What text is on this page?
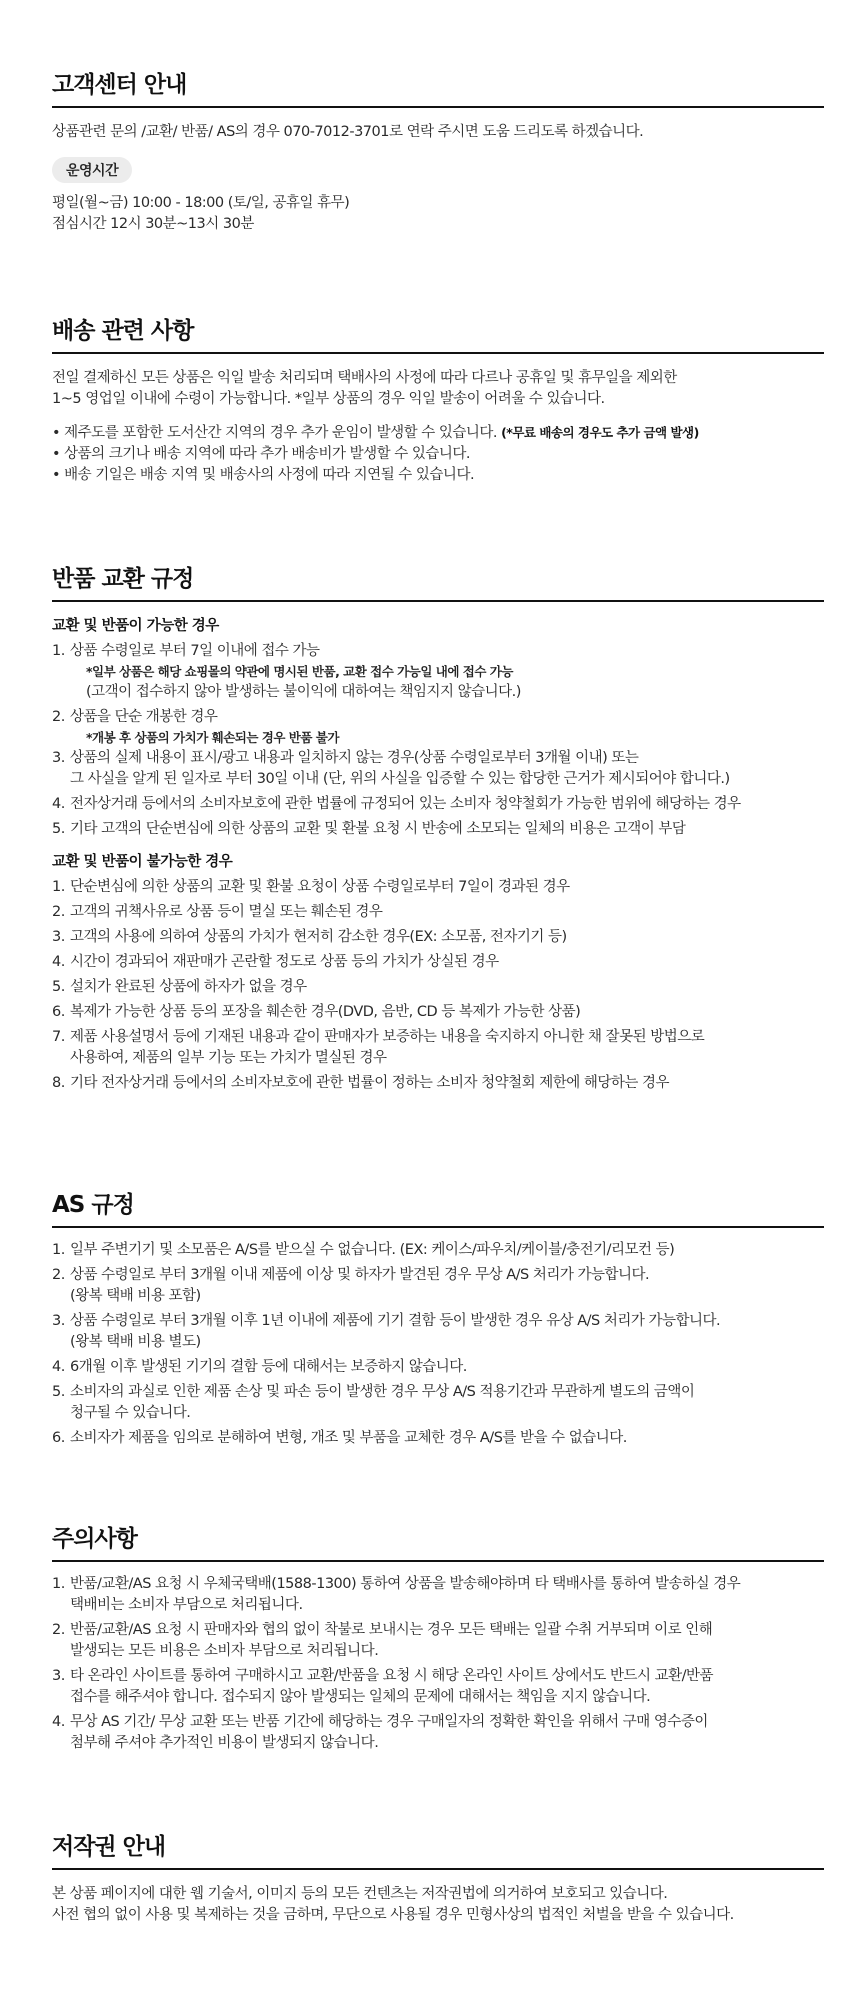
고객센터 안내

상품관련 문의 /교환/ 반품/ AS의 경우 070-7012-3701로 연락 주시면 도움 드리도록 하겠습니다.

운영시간

평일(월~금) 10:00 - 18:00 (토/일, 공휴일 휴무)

점심시간 12시 30분~13시 30분

배송 관련 사항

전일 결제하신 모든 상품은 익일 발송 처리되며 택배사의 사정에 따라 다르나 공휴일 및 휴무일을 제외한

1~5 영업일 이내에 수령이 가능합니다. *일부 상품의 경우 익일 발송이 어려울 수 있습니다.

• 제주도를 포함한 도서산간 지역의 경우 추가 운임이 발생할 수 있습니다. (*무료 배송의 경우도 추가 금액 발생)
• 상품의 크기나 배송 지역에 따라 추가 배송비가 발생할 수 있습니다.
• 배송 기일은 배송 지역 및 배송사의 사정에 따라 지연될 수 있습니다.
반품 교환 규정

교환 및 반품이 가능한 경우

1. 상품 수령일로 부터 7일 이내에 접수 가능
*일부 상품은 해당 쇼핑몰의 약관에 명시된 반품, 교환 접수 가능일 내에 접수 가능
(고객이 접수하지 않아 발생하는 불이익에 대하여는 책임지지 않습니다.)
2. 상품을 단순 개봉한 경우
*개봉 후 상품의 가치가 훼손되는 경우 반품 불가
3. 상품의 실제 내용이 표시/광고 내용과 일치하지 않는 경우(상품 수령일로부터 3개월 이내) 또는
그 사실을 알게 된 일자로 부터 30일 이내 (단, 위의 사실을 입증할 수 있는 합당한 근거가 제시되어야 합니다.)
4. 전자상거래 등에서의 소비자보호에 관한 법률에 규정되어 있는 소비자 청약철회가 가능한 범위에 해당하는 경우
5. 기타 고객의 단순변심에 의한 상품의 교환 및 환불 요청 시 반송에 소모되는 일체의 비용은 고객이 부담

교환 및 반품이 불가능한 경우

1. 단순변심에 의한 상품의 교환 및 환불 요청이 상품 수령일로부터 7일이 경과된 경우
2. 고객의 귀책사유로 상품 등이 멸실 또는 훼손된 경우
3. 고객의 사용에 의하여 상품의 가치가 현저히 감소한 경우(EX: 소모품, 전자기기 등)
4. 시간이 경과되어 재판매가 곤란할 정도로 상품 등의 가치가 상실된 경우
5. 설치가 완료된 상품에 하자가 없을 경우
6. 복제가 가능한 상품 등의 포장을 훼손한 경우(DVD, 음반, CD 등 복제가 가능한 상품)
7. 제품 사용설명서 등에 기재된 내용과 같이 판매자가 보증하는 내용을 숙지하지 아니한 채 잘못된 방법으로
사용하여, 제품의 일부 기능 또는 가치가 멸실된 경우
8. 기타 전자상거래 등에서의 소비자보호에 관한 법률이 정하는 소비자 청약철회 제한에 해당하는 경우
AS 규정
1. 일부 주변기기 및 소모품은 A/S를 받으실 수 없습니다. (EX: 케이스/파우치/케이블/충전기/리모컨 등)
2. 상품 수령일로 부터 3개월 이내 제품에 이상 및 하자가 발견된 경우 무상 A/S 처리가 가능합니다.
(왕복 택배 비용 포함)
3. 상품 수령일로 부터 3개월 이후 1년 이내에 제품에 기기 결함 등이 발생한 경우 유상 A/S 처리가 가능합니다.
(왕복 택배 비용 별도)
4. 6개월 이후 발생된 기기의 결함 등에 대해서는 보증하지 않습니다.
5. 소비자의 과실로 인한 제품 손상 및 파손 등이 발생한 경우 무상 A/S 적용기간과 무관하게 별도의 금액이
청구될 수 있습니다.
6. 소비자가 제품을 임의로 분해하여 변형, 개조 및 부품을 교체한 경우 A/S를 받을 수 없습니다.
주의사항
1. 반품/교환/AS 요청 시 우체국택배(1588-1300) 통하여 상품을 발송해야하며 타 택배사를 통하여 발송하실 경우
택배비는 소비자 부담으로 처리됩니다.
2. 반품/교환/AS 요청 시 판매자와 협의 없이 착불로 보내시는 경우 모든 택배는 일괄 수취 거부되며 이로 인해
발생되는 모든 비용은 소비자 부담으로 처리됩니다.
3. 타 온라인 사이트를 통하여 구매하시고 교환/반품을 요청 시 해당 온라인 사이트 상에서도 반드시 교환/반품
접수를 해주셔야 합니다. 접수되지 않아 발생되는 일체의 문제에 대해서는 책임을 지지 않습니다.
4. 무상 AS 기간/ 무상 교환 또는 반품 기간에 해당하는 경우 구매일자의 정확한 확인을 위해서 구매 영수증이
첨부해 주셔야 추가적인 비용이 발생되지 않습니다.
저작권 안내

본 상품 페이지에 대한 웹 기술서, 이미지 등의 모든 컨텐츠는 저작권법에 의거하여 보호되고 있습니다.

사전 협의 없이 사용 및 복제하는 것을 금하며, 무단으로 사용될 경우 민형사상의 법적인 처벌을 받을 수 있습니다.
